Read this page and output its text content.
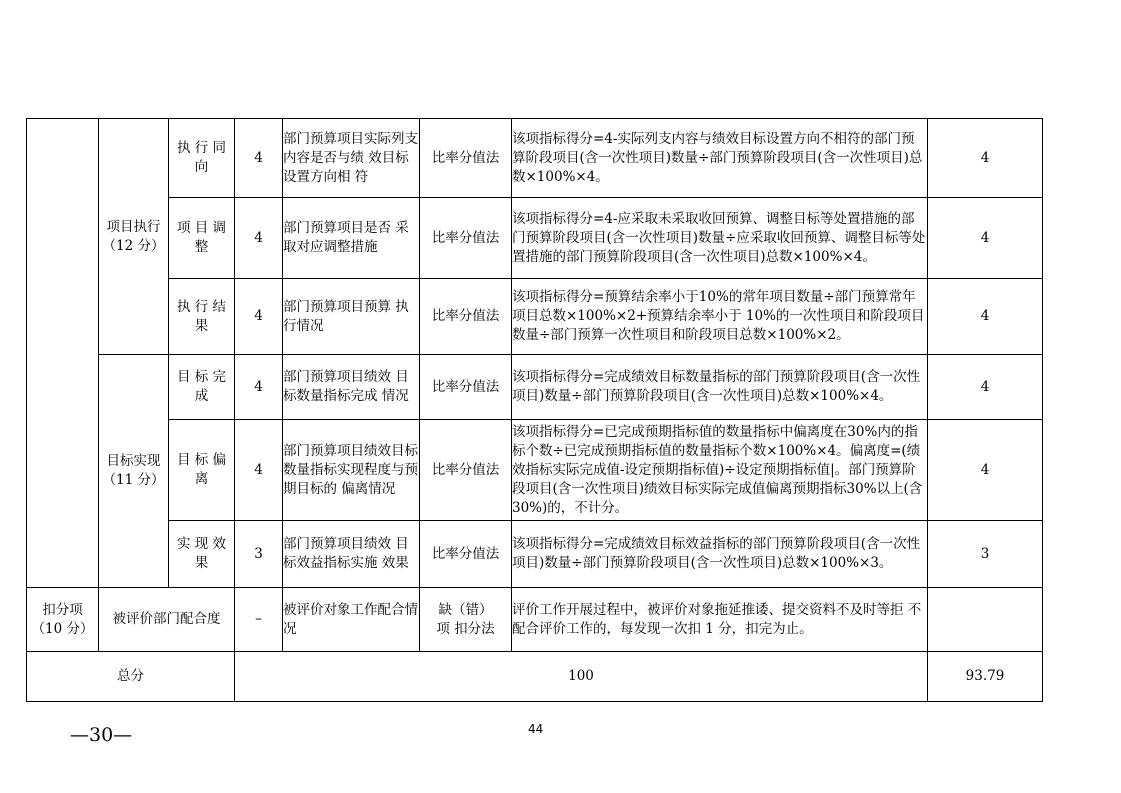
	项目执行（12 分）	执 行 同 向	4	部门预算项目实际列支内容是否与绩 效目标设置方向相 符	比率分值法	该项指标得分=4-实际列支内容与绩效目标设置方向不相符的部门预算阶段项目(含一次性项目)数量÷部门预算阶段项目(含一次性项目)总数×100%×4。	4
		项 目 调 整	4	部门预算项目是否 采取对应调整措施	比率分值法	该项指标得分=4-应采取未采取收回预算、调整目标等处置措施的部门预算阶段项目(含一次性项目)数量÷应采取收回预算、调整目标等处置措施的部门预算阶段项目(含一次性项目)总数×100%×4。	4
		执 行 结 果	4	部门预算项目预算 执行情况	比率分值法	该项指标得分=预算结余率小于10%的常年项目数量÷部门预算常年项目总数×100%×2+预算结余率小于 10%的一次性项目和阶段项目数量÷部门预算一次性项目和阶段项目总数×100%×2。	4
	目标实现（11 分）	目 标 完 成	4	部门预算项目绩效 目标数量指标完成 情况	比率分值法	该项指标得分=完成绩效目标数量指标的部门预算阶段项目(含一次性项目)数量÷部门预算阶段项目(含一次性项目)总数×100%×4。	4
		目 标 偏 离	4	部门预算项目绩效目标数量指标实现程度与预期目标的 偏离情况	比率分值法	该项指标得分=已完成预期指标值的数量指标中偏离度在30%内的指标个数÷已完成预期指标值的数量指标个数×100%×4。偏离度=(绩效指标实际完成值-设定预期指标值)÷设定预期指标值|。部门预算阶段项目(含一次性项目)绩效目标实际完成值偏离预期指标30%以上(含 30%)的，不计分。	4
		实 现 效 果	3	部门预算项目绩效 目标效益指标实施 效果	比率分值法	该项指标得分=完成绩效目标效益指标的部门预算阶段项目(含一次性项目)数量÷部门预算阶段项目(含一次性项目)总数×100%×3。	3
扣分项（10 分）	被评价部门配合度		–	被评价对象工作配合情况	缺（错）项 扣分法	评价工作开展过程中，被评价对象拖延推诿、提交资料不及时等拒 不配合评价工作的，每发现一次扣 1 分，扣完为止。	
总分			100				93.79
—30—	44
